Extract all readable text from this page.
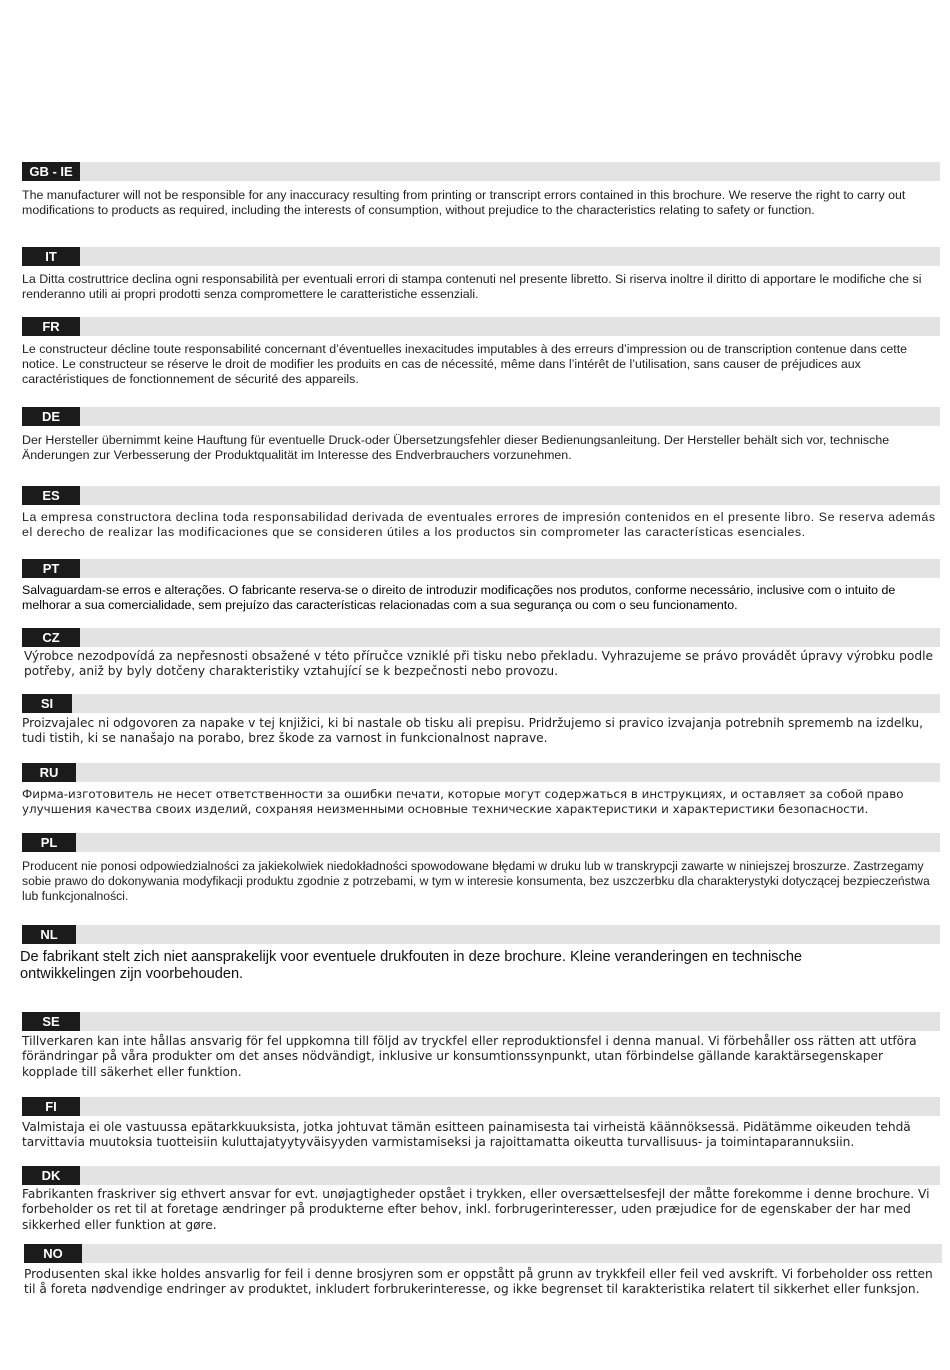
GB - IE

The manufacturer will not be responsible for any inaccuracy resulting from printing or transcript errors contained in this brochure. We reserve the right to carry out modifications to products as required, including the interests of consumption, without prejudice to the characteristics relating to safety or function.

IT

La Ditta costruttrice declina ogni responsabilità per eventuali errori di stampa contenuti nel presente libretto. Si riserva inoltre il diritto di apportare le modifiche che si renderanno utili ai propri prodotti senza compromettere le caratteristiche essenziali.

FR

Le constructeur décline toute responsabilité concernant d’éventuelles inexacitudes imputables à des erreurs d’impression ou de transcription contenue dans cette notice. Le constructeur se réserve le droit de modifier les produits en cas de nécessité, même dans l’intérêt de l’utilisation, sans causer de préjudices aux caractéristiques de fonctionnement de sécurité des appareils.

DE

Der Hersteller übernimmt keine Hauftung für eventuelle Druck-oder Übersetzungsfehler dieser Bedienungsanleitung. Der Hersteller behält sich vor, technische Änderungen zur Verbesserung der Produktqualität im Interesse des Endverbrauchers vorzunehmen.

ES

La empresa constructora declina toda responsabilidad derivada de eventuales errores de impresión contenidos en el presente libro. Se reserva además el derecho de realizar las modificaciones que se consideren útiles a los productos sin comprometer las características esenciales.

PT

Salvaguardam-se erros e alterações. O fabricante reserva-se o direito de introduzir modificações nos produtos, conforme necessário, inclusive com o intuito de melhorar a sua comercialidade, sem prejuízo das características relacionadas com a sua segurança ou com o seu funcionamento.

CZ

Výrobce nezodpovídá za nepřesnosti obsažené v této příručce vzniklé při tisku nebo překladu. Vyhrazujeme se právo provádět úpravy výrobku podle potřeby, aniž by byly dotčeny charakteristiky vztahující se k bezpečnosti nebo provozu.

SI

Proizvajalec ni odgovoren za napake v tej knjižici, ki bi nastale ob tisku ali prepisu. Pridržujemo si pravico izvajanja potrebnih sprememb na izdelku, tudi tistih, ki se nanašajo na porabo, brez škode za varnost in funkcionalnost naprave.

RU

Фирма-изготовитель не несет ответственности за ошибки печати, которые могут содержаться в инструкциях, и оставляет за собой право улучшения качества своих изделий, сохраняя неизменными основные технические характеристики и характеристики безопасности.

PL

Producent nie ponosi odpowiedzialności za jakiekolwiek niedokładności spowodowane błędami w druku lub w transkrypcji zawarte w niniejszej broszurze. Zastrzegamy sobie prawo do dokonywania modyfikacji produktu zgodnie z potrzebami, w tym w interesie konsumenta, bez uszczerbku dla charakterystyki dotyczącej bezpieczeństwa lub funkcjonalności.

NL

De fabrikant stelt zich niet aansprakelijk voor eventuele drukfouten in deze brochure. Kleine veranderingen en technische ontwikkelingen zijn voorbehouden.

SE

Tillverkaren kan inte hållas ansvarig för fel uppkomna till följd av tryckfel eller reproduktionsfel i denna manual. Vi förbehåller oss rätten att utföra förändringar på våra produkter om det anses nödvändigt, inklusive ur konsumtionssynpunkt, utan förbindelse gällande karaktärsegenskaper kopplade till säkerhet eller funktion.

FI

Valmistaja ei ole vastuussa epätarkkuuksista, jotka johtuvat tämän esitteen painamisesta tai virheistä käännöksessä. Pidätämme oikeuden tehdä tarvittavia muutoksia tuotteisiin kuluttajatyytyväisyyden varmistamiseksi ja rajoittamatta oikeutta turvallisuus- ja toimintaparannuksiin.

DK

Fabrikanten fraskriver sig ethvert ansvar for evt. unøjagtigheder opstået i trykken, eller oversættelsesfejl der måtte forekomme i denne brochure. Vi forbeholder os ret til at foretage ændringer på produkterne efter behov, inkl. forbrugerinteresser, uden præjudice for de egenskaber der har med sikkerhed eller funktion at gøre.

NO

Produsenten skal ikke holdes ansvarlig for feil i denne brosjyren som er oppstått på grunn av trykkfeil eller feil ved avskrift. Vi forbeholder oss retten til å foreta nødvendige endringer av produktet, inkludert forbrukerinteresse, og ikke begrenset til karakteristika relatert til sikkerhet eller funksjon.
